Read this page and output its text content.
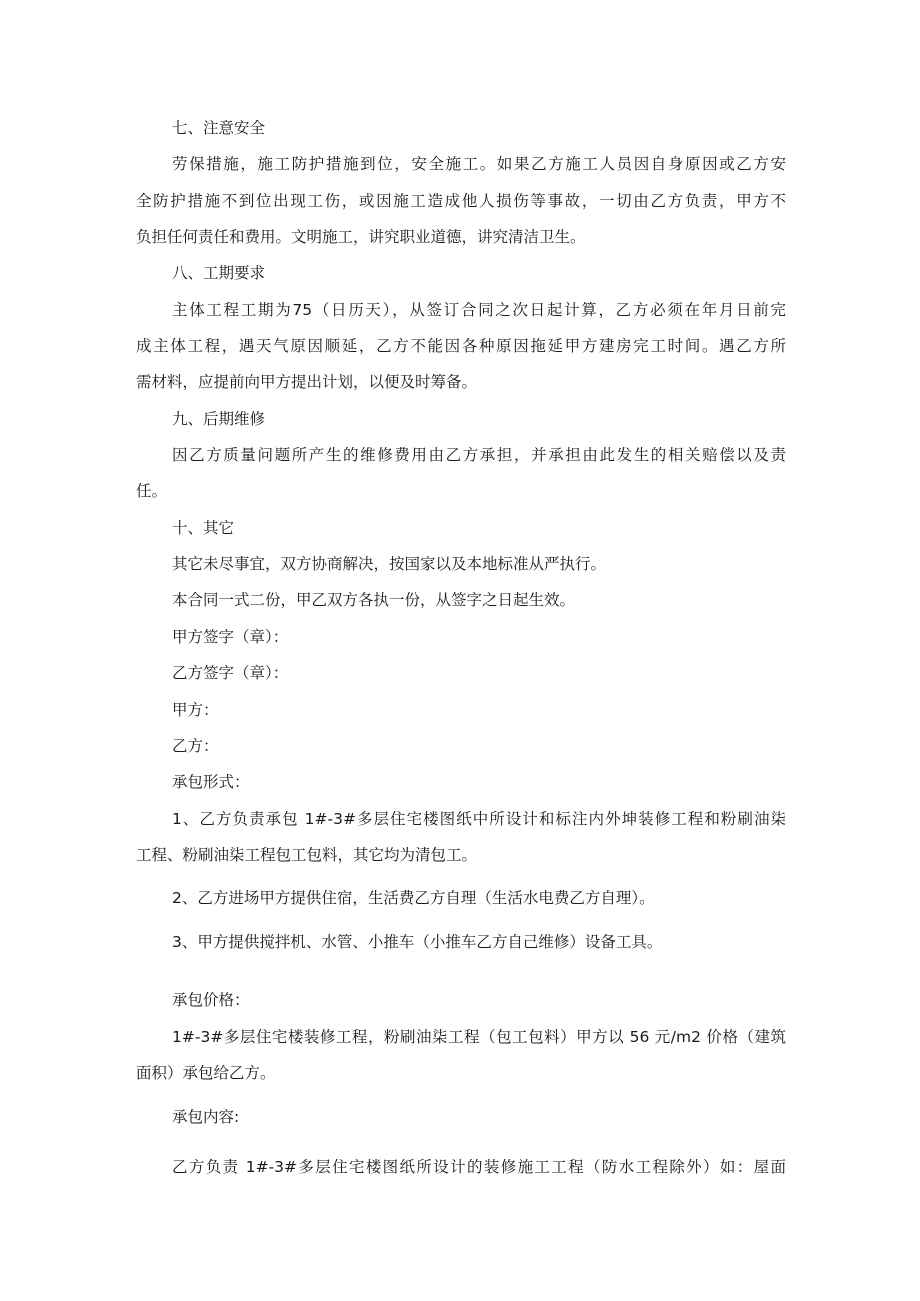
七、注意安全

劳保措施，施工防护措施到位，安全施工。如果乙方施工人员因自身原因或乙方安

全防护措施不到位出现工伤，或因施工造成他人损伤等事故，一切由乙方负责，甲方不

负担任何责任和费用。文明施工，讲究职业道德，讲究清洁卫生。

八、工期要求

主体工程工期为75（日历天），从签订合同之次日起计算，乙方必须在年月日前完

成主体工程，遇天气原因顺延，乙方不能因各种原因拖延甲方建房完工时间。遇乙方所

需材料，应提前向甲方提出计划，以便及时筹备。

九、后期维修

因乙方质量问题所产生的维修费用由乙方承担，并承担由此发生的相关赔偿以及责

任。

十、其它

其它未尽事宜，双方协商解决，按国家以及本地标准从严执行。

本合同一式二份，甲乙双方各执一份，从签字之日起生效。

甲方签字（章）：

乙方签字（章）：

甲方：

乙方：

承包形式：

1、乙方负责承包 1#-3#多层住宅楼图纸中所设计和标注内外坤装修工程和粉刷油柒

工程、粉刷油柒工程包工包料，其它均为清包工。

2、乙方进场甲方提供住宿，生活费乙方自理（生活水电费乙方自理）。

3、甲方提供搅拌机、水管、小推车（小推车乙方自己维修）设备工具。

承包价格：

1#-3#多层住宅楼装修工程，粉刷油柒工程（包工包料）甲方以 56 元/m2 价格（建筑

面积）承包给乙方。

承包内容:

乙方负责 1#-3#多层住宅楼图纸所设计的装修施工工程（防水工程除外）如：屋面
